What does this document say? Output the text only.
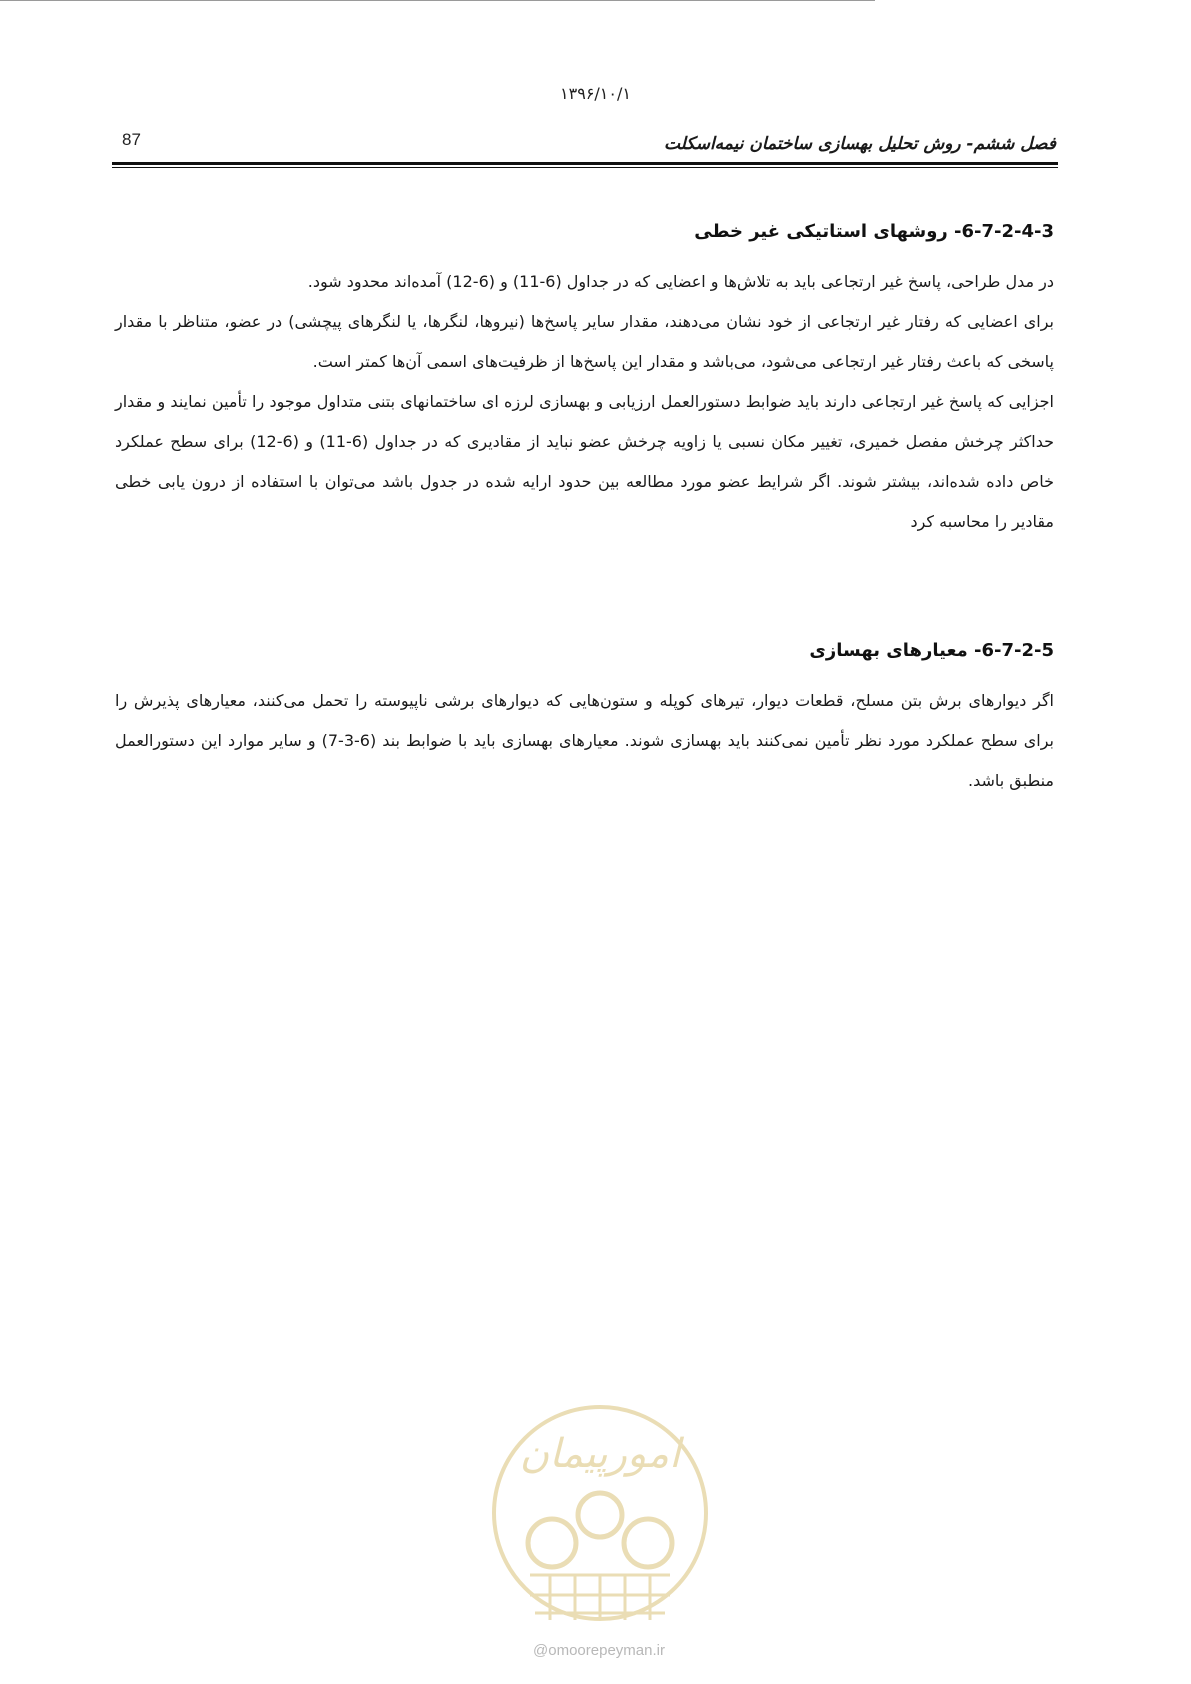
۱۳۹۶/۱۰/۱
87	فصل ششم- روش تحلیل بهسازی ساختمان نیمه‌اسکلت
6-7-2-4-3- روشهای استاتیکی غیر خطی

در مدل طراحی، پاسخ غیر ارتجاعی باید به تلاش‌ها و اعضایی که در جداول (6-11) و (6-12) آمده‌اند محدود شود.

برای اعضایی که رفتار غیر ارتجاعی از خود نشان می‌دهند، مقدار سایر پاسخ‌ها (نیروها، لنگرها، یا لنگرهای پیچشی) در عضو، متناظر با مقدار پاسخی که باعث رفتار غیر ارتجاعی می‌شود، می‌باشد و مقدار این پاسخ‌ها از ظرفیت‌های اسمی آن‌ها کمتر است.

اجزایی که پاسخ غیر ارتجاعی دارند باید ضوابط دستورالعمل ارزیابی و بهسازی لرزه ای ساختمانهای بتنی متداول موجود را تأمین نمایند و مقدار حداکثر چرخش مفصل خمیری، تغییر مکان نسبی یا زاویه چرخش عضو نباید از مقادیری که در جداول (6-11) و (6-12) برای سطح عملکرد خاص داده شده‌اند، بیشتر شوند. اگر شرایط عضو مورد مطالعه بین حدود ارایه شده در جدول باشد می‌توان با استفاده از درون یابی خطی مقادیر را محاسبه کرد

6-7-2-5- معیارهای بهسازی

اگر دیوارهای برش بتن مسلح، قطعات دیوار، تیرهای کوپله و ستون‌هایی که دیوارهای برشی ناپیوسته را تحمل می‌کنند، معیارهای پذیرش را برای سطح عملکرد مورد نظر تأمین نمی‌کنند باید بهسازی شوند. معیارهای بهسازی باید با ضوابط بند (6-3-7) و سایر موارد این دستورالعمل منطبق باشد.

امورپیمان
@omoorepeyman.ir
